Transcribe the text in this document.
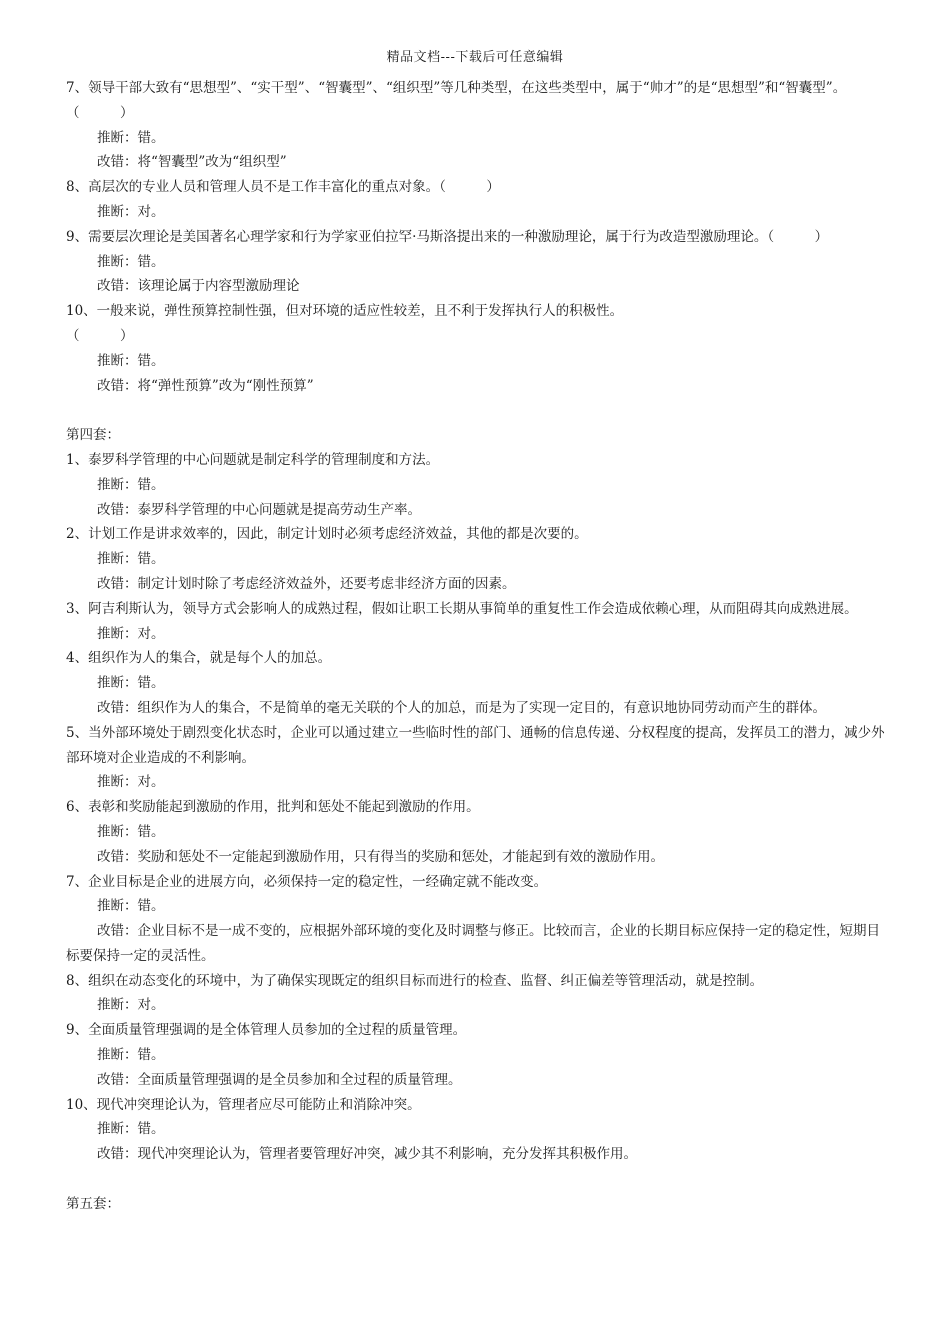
精品文档---下载后可任意编辑
7、领导干部大致有“思想型”、“实干型”、“智囊型”、“组织型”等几种类型，在这些类型中，属于“帅才”的是“思想型”和“智囊型”。（　　　）
推断：错。
改错：将“智囊型”改为“组织型”
8、高层次的专业人员和管理人员不是工作丰富化的重点对象。（　　　）
推断：对。
9、需要层次理论是美国著名心理学家和行为学家亚伯拉罕·马斯洛提出来的一种激励理论，属于行为改造型激励理论。（　　　）
推断：错。
改错：该理论属于内容型激励理论
10、一般来说，弹性预算控制性强，但对环境的适应性较差，且不利于发挥执行人的积极性。
（　　　）
推断：错。
改错：将“弹性预算”改为“刚性预算”
第四套：
1、泰罗科学管理的中心问题就是制定科学的管理制度和方法。
推断：错。
改错：泰罗科学管理的中心问题就是提高劳动生产率。
2、计划工作是讲求效率的，因此，制定计划时必须考虑经济效益，其他的都是次要的。
推断：错。
改错：制定计划时除了考虑经济效益外，还要考虑非经济方面的因素。
3、阿吉利斯认为，领导方式会影响人的成熟过程，假如让职工长期从事简单的重复性工作会造成依赖心理，从而阻碍其向成熟进展。
推断：对。
4、组织作为人的集合，就是每个人的加总。
推断：错。
改错：组织作为人的集合，不是简单的毫无关联的个人的加总，而是为了实现一定目的，有意识地协同劳动而产生的群体。
5、当外部环境处于剧烈变化状态时，企业可以通过建立一些临时性的部门、通畅的信息传递、分权程度的提高，发挥员工的潜力，减少外部环境对企业造成的不利影响。
推断：对。
6、表彰和奖励能起到激励的作用，批判和惩处不能起到激励的作用。
推断：错。
改错：奖励和惩处不一定能起到激励作用，只有得当的奖励和惩处，才能起到有效的激励作用。
7、企业目标是企业的进展方向，必须保持一定的稳定性，一经确定就不能改变。
推断：错。
改错：企业目标不是一成不变的，应根据外部环境的变化及时调整与修正。比较而言，企业的长期目标应保持一定的稳定性，短期目标要保持一定的灵活性。
8、组织在动态变化的环境中，为了确保实现既定的组织目标而进行的检查、监督、纠正偏差等管理活动，就是控制。
推断：对。
9、全面质量管理强调的是全体管理人员参加的全过程的质量管理。
推断：错。
改错：全面质量管理强调的是全员参加和全过程的质量管理。
10、现代冲突理论认为，管理者应尽可能防止和消除冲突。
推断：错。
改错：现代冲突理论认为，管理者要管理好冲突，减少其不利影响，充分发挥其积极作用。
第五套：
